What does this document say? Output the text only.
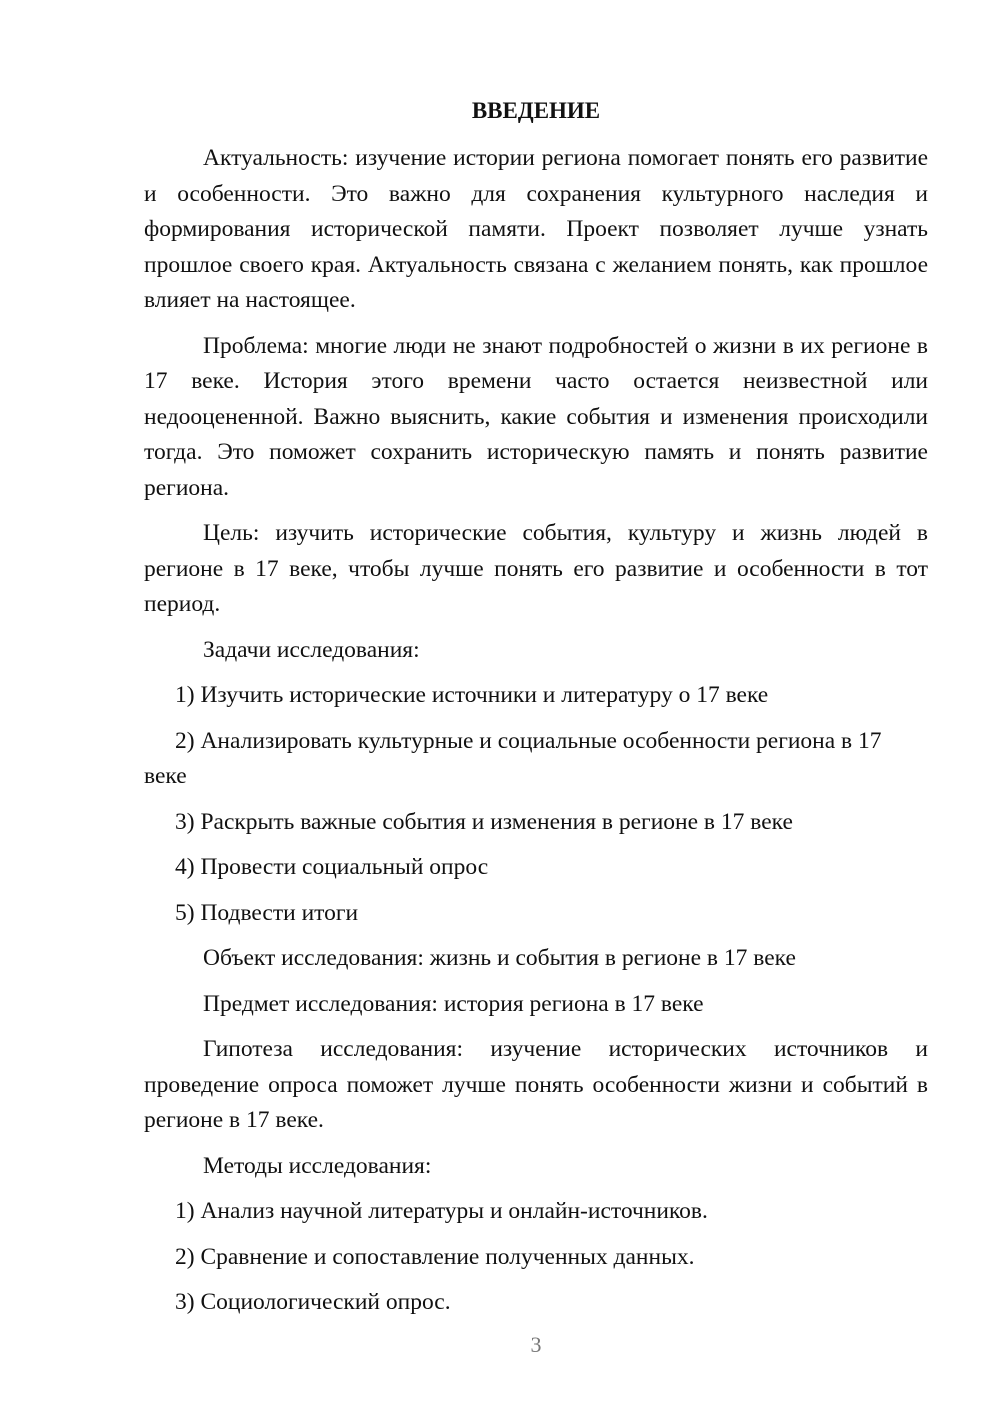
ВВЕДЕНИЕ

Актуальность: изучение истории региона помогает понять его развитие и особенности. Это важно для сохранения культурного наследия и формирования исторической памяти. Проект позволяет лучше узнать прошлое своего края. Актуальность связана с желанием понять, как прошлое влияет на настоящее.

Проблема: многие люди не знают подробностей о жизни в их регионе в 17 веке. История этого времени часто остается неизвестной или недооцененной. Важно выяснить, какие события и изменения происходили тогда. Это поможет сохранить историческую память и понять развитие региона.

Цель: изучить исторические события, культуру и жизнь людей в регионе в 17 веке, чтобы лучше понять его развитие и особенности в тот период.

Задачи исследования:

1) Изучить исторические источники и литературу о 17 веке

2) Анализировать культурные и социальные особенности региона в 17 веке

3) Раскрыть важные события и изменения в регионе в 17 веке

4) Провести социальный опрос

5) Подвести итоги

Объект исследования: жизнь и события в регионе в 17 веке

Предмет исследования: история региона в 17 веке

Гипотеза исследования: изучение исторических источников и проведение опроса поможет лучше понять особенности жизни и событий в регионе в 17 веке.

Методы исследования:

1) Анализ научной литературы и онлайн-источников.

2) Сравнение и сопоставление полученных данных.

3) Социологический опрос.

3
